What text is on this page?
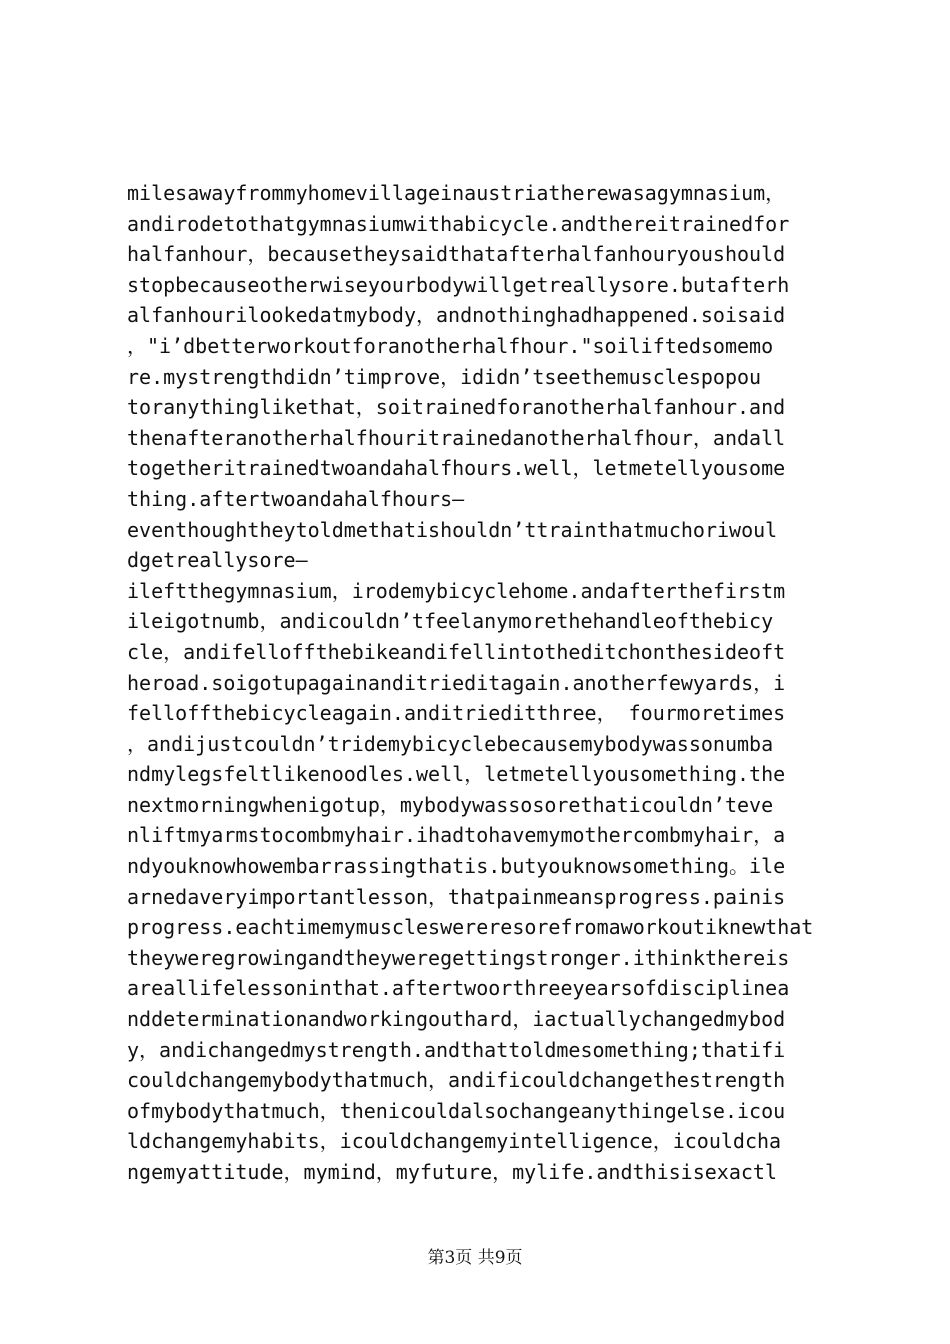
milesawayfrommyhomevillageinaustriatherewasagymnasium，
andirodetothatgymnasiumwithabicycle.andthereitrainedfor
halfanhour，becausetheysaidthatafterhalfanhouryoushould
stopbecauseotherwiseyourbodywillgetreallysore.butafterh
alfanhourilookedatmybody，andnothinghadhappened.soisaid
，"i’dbetterworkoutforanotherhalfhour."soiliftedsomemo
re.mystrengthdidn’timprove，ididn’tseethemusclespopou
toranythinglikethat，soitrainedforanotherhalfanhour.and
thenafteranotherhalfhouritrainedanotherhalfhour，andall
togetheritrainedtwoandahalfhours.well，letmetellyousome
thing.aftertwoandahalfhours—
eventhoughtheytoldmethatishouldn’ttrainthatmuchoriwoul
dgetreallysore—
ileftthegymnasium，irodemybicyclehome.andafterthefirstm
ileigotnumb，andicouldn’tfeelanymorethehandleofthebicy
cle，andifelloffthebikeandifellintotheditchonthesideoft
heroad.soigotupagainanditrieditagain.anotherfewyards，i
felloffthebicycleagain.anditrieditthree， fourmoretimes
，andijustcouldn’tridemybicyclebecausemybodywassonumba
ndmylegsfeltlikenoodles.well，letmetellyousomething.the
nextmorningwhenigotup，mybodywassosorethaticouldn’teve
nliftmyarmstocombmyhair.ihadtohavemymothercombmyhair，a
ndyouknowhowembarrassingthatis.butyouknowsomething。ile
arnedaveryimportantlesson，thatpainmeansprogress.painis
progress.eachtimemymuscleswereresorefromaworkoutiknewthat
theyweregrowingandtheyweregettingstronger.ithinkthereis
areallifelessoninthat.aftertwoorthreeyearsofdisciplinea
nddeterminationandworkingouthard，iactuallychangedmybod
y，andichangedmystrength.andthattoldmesomething;thatifi
couldchangemybodythatmuch，andificouldchangethestrength
ofmybodythatmuch，thenicouldalsochangeanythingelse.icou
ldchangemyhabits，icouldchangemyintelligence，icouldcha
ngemyattitude，mymind，myfuture，mylife.andthisisexactl
第3页 共9页
